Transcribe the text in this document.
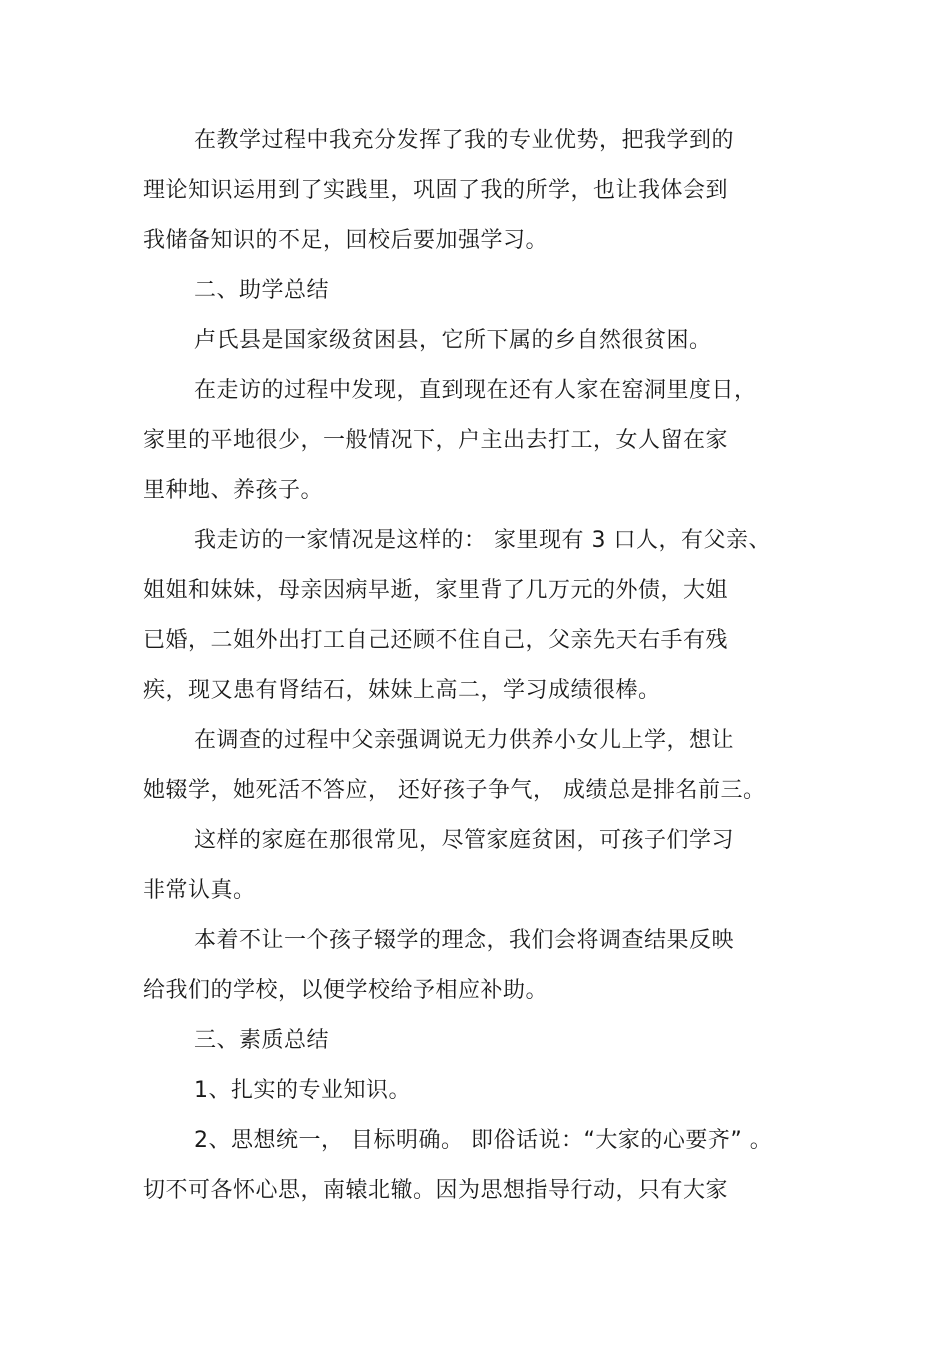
在教学过程中我充分发挥了我的专业优势，把我学到的
理论知识运用到了实践里，巩固了我的所学，也让我体会到
我储备知识的不足，回校后要加强学习。
二、助学总结
卢氏县是国家级贫困县，它所下属的乡自然很贫困。
在走访的过程中发现，直到现在还有人家在窑洞里度日，
家里的平地很少，一般情况下，户主出去打工，女人留在家
里种地、养孩子。
我走访的一家情况是这样的： 家里现有 3 口人，有父亲、
姐姐和妹妹，母亲因病早逝，家里背了几万元的外债，大姐
已婚，二姐外出打工自己还顾不住自己，父亲先天右手有残
疾，现又患有肾结石，妹妹上高二，学习成绩很棒。
在调查的过程中父亲强调说无力供养小女儿上学，想让
她辍学，她死活不答应， 还好孩子争气， 成绩总是排名前三。
这样的家庭在那很常见，尽管家庭贫困，可孩子们学习
非常认真。
本着不让一个孩子辍学的理念，我们会将调查结果反映
给我们的学校，以便学校给予相应补助。
三、素质总结
1、扎实的专业知识。
2、思想统一， 目标明确。 即俗话说：“大家的心要齐” 。
切不可各怀心思，南辕北辙。因为思想指导行动，只有大家
